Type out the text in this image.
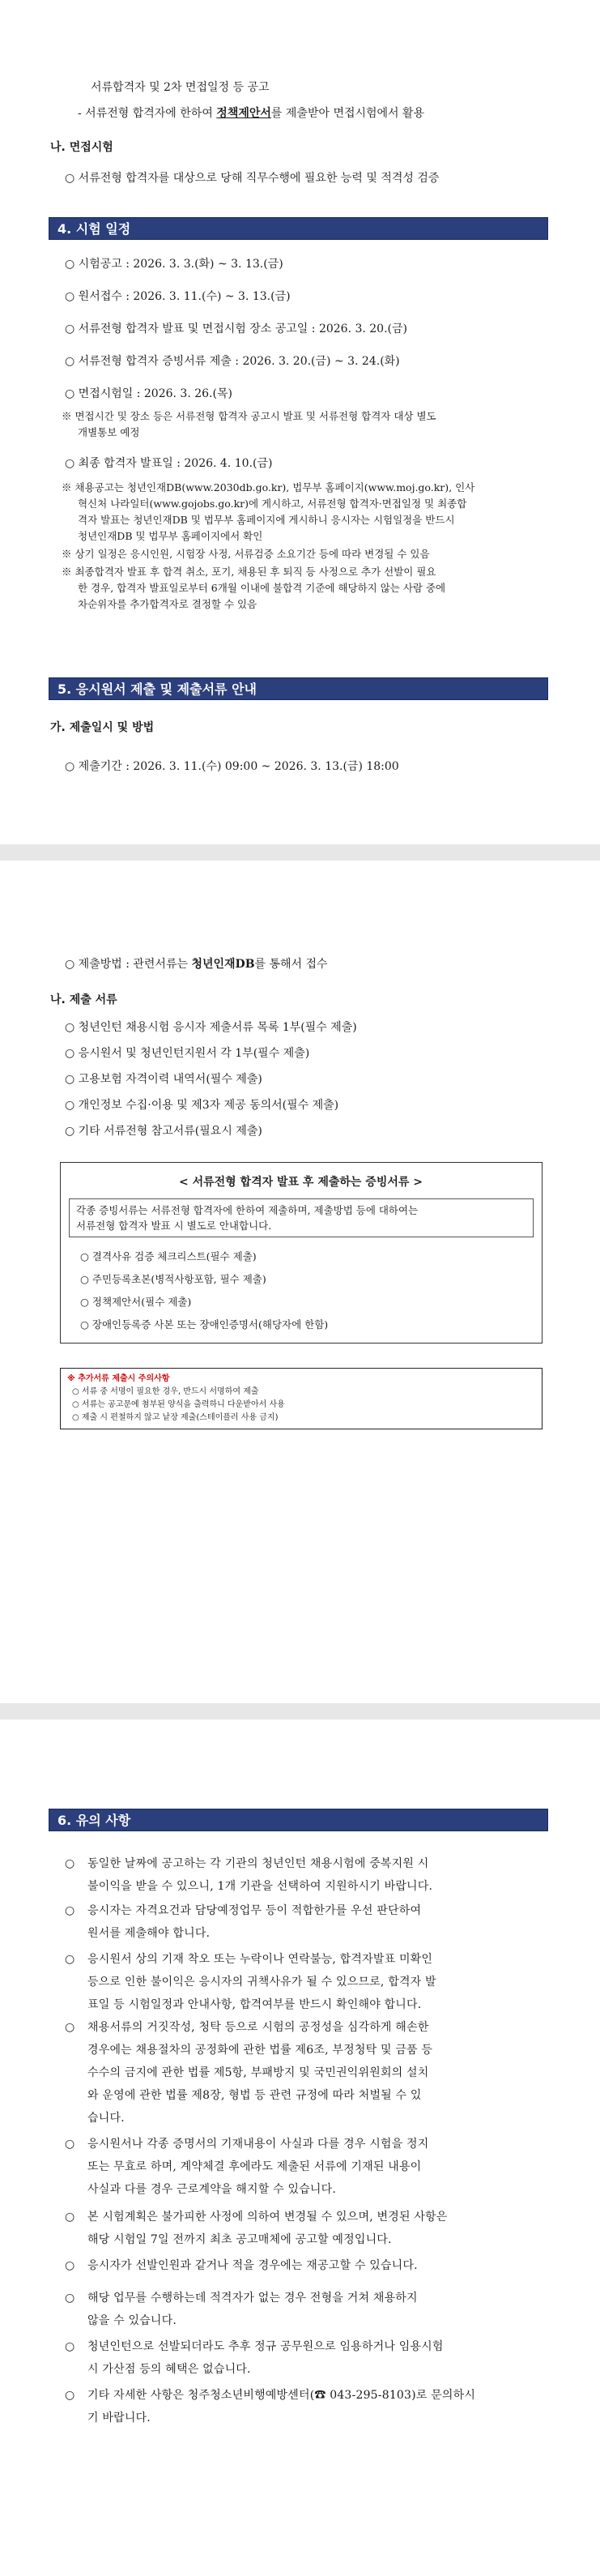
서류합격자 및 2차 면접일정 등 공고
- 서류전형 합격자에 한하여 정책제안서를 제출받아 면접시험에서 활용
나. 면접시험
○ 서류전형 합격자를 대상으로 당해 직무수행에 필요한 능력 및 적격성 검증
4. 시험 일정
○ 시험공고 : 2026. 3. 3.(화) ~ 3. 13.(금)
○ 원서접수 : 2026. 3. 11.(수) ~ 3. 13.(금)
○ 서류전형 합격자 발표 및 면접시험 장소 공고일 : 2026. 3. 20.(금)
○ 서류전형 합격자 증빙서류 제출 : 2026. 3. 20.(금) ~ 3. 24.(화)
○ 면접시험일 : 2026. 3. 26.(목)
※ 면접시간 및 장소 등은 서류전형 합격자 공고시 발표 및 서류전형 합격자 대상 별도
개별통보 예정
○ 최종 합격자 발표일 : 2026. 4. 10.(금)
※ 채용공고는 청년인재DB(www.2030db.go.kr), 법무부 홈페이지(www.moj.go.kr), 인사
혁신처 나라일터(www.gojobs.go.kr)에 게시하고, 서류전형 합격자·면접일정 및 최종합
격자 발표는 청년인재DB 및 법무부 홈페이지에 게시하니 응시자는 시험일정을 반드시
청년인재DB 및 법무부 홈페이지에서 확인
※ 상기 일정은 응시인원, 시험장 사정, 서류검증 소요기간 등에 따라 변경될 수 있음
※ 최종합격자 발표 후 합격 취소, 포기, 채용된 후 퇴직 등 사정으로 추가 선발이 필요
한 경우, 합격자 발표일로부터 6개월 이내에 불합격 기준에 해당하지 않는 사람 중에
차순위자를 추가합격자로 결정할 수 있음
5. 응시원서 제출 및 제출서류 안내
가. 제출일시 및 방법
○ 제출기간 : 2026. 3. 11.(수) 09:00 ~ 2026. 3. 13.(금) 18:00
○ 제출방법 : 관련서류는 청년인재DB를 통해서 접수
나. 제출 서류
○ 청년인턴 채용시험 응시자 제출서류 목록 1부(필수 제출)
○ 응시원서 및 청년인턴지원서 각 1부(필수 제출)
○ 고용보험 자격이력 내역서(필수 제출)
○ 개인정보 수집·이용 및 제3자 제공 동의서(필수 제출)
○ 기타 서류전형 참고서류(필요시 제출)
< 서류전형 합격자 발표 후 제출하는 증빙서류 >
각종 증빙서류는 서류전형 합격자에 한하여 제출하며, 제출방법 등에 대하여는
서류전형 합격자 발표 시 별도로 안내합니다.
○ 결격사유 검증 체크리스트(필수 제출)
○ 주민등록초본(병적사항포함, 필수 제출)
○ 정책제안서(필수 제출)
○ 장애인등록증 사본 또는 장애인증명서(해당자에 한함)
※ 추가서류 제출시 주의사항
○ 서류 중 서명이 필요한 경우, 반드시 서명하여 제출
○ 서류는 공고문에 첨부된 양식을 출력하니 다운받아서 사용
○ 제출 시 편철하지 않고 낱장 제출(스테이플러 사용 금지)
6. 유의 사항
○ 동일한 날짜에 공고하는 각 기관의 청년인턴 채용시험에 중복지원 시
불이익을 받을 수 있으니, 1개 기관을 선택하여 지원하시기 바랍니다.
○ 응시자는 자격요건과 담당예정업무 등이 적합한가를 우선 판단하여
원서를 제출해야 합니다.
○ 응시원서 상의 기재 착오 또는 누락이나 연락불능, 합격자발표 미확인
등으로 인한 불이익은 응시자의 귀책사유가 될 수 있으므로, 합격자 발
표일 등 시험일정과 안내사항, 합격여부를 반드시 확인해야 합니다.
○ 채용서류의 거짓작성, 청탁 등으로 시험의 공정성을 심각하게 해손한
경우에는 채용절차의 공정화에 관한 법률 제6조, 부정청탁 및 금품 등
수수의 금지에 관한 법률 제5항, 부패방지 및 국민권익위원회의 설치
와 운영에 관한 법률 제8장, 형법 등 관련 규정에 따라 처벌될 수 있
습니다.
○ 응시원서나 각종 증명서의 기재내용이 사실과 다를 경우 시험을 정지
또는 무효로 하며, 계약체결 후에라도 제출된 서류에 기재된 내용이
사실과 다를 경우 근로계약을 해지할 수 있습니다.
○ 본 시험계획은 불가피한 사정에 의하여 변경될 수 있으며, 변경된 사항은
해당 시험일 7일 전까지 최초 공고매체에 공고할 예정입니다.
○ 응시자가 선발인원과 같거나 적을 경우에는 재공고할 수 있습니다.
○ 해당 업무를 수행하는데 적격자가 없는 경우 전형을 거쳐 채용하지
않을 수 있습니다.
○ 청년인턴으로 선발되더라도 추후 정규 공무원으로 임용하거나 임용시험
시 가산점 등의 혜택은 없습니다.
○ 기타 자세한 사항은 청주청소년비행예방센터(☎ 043-295-8103)로 문의하시
기 바랍니다.
